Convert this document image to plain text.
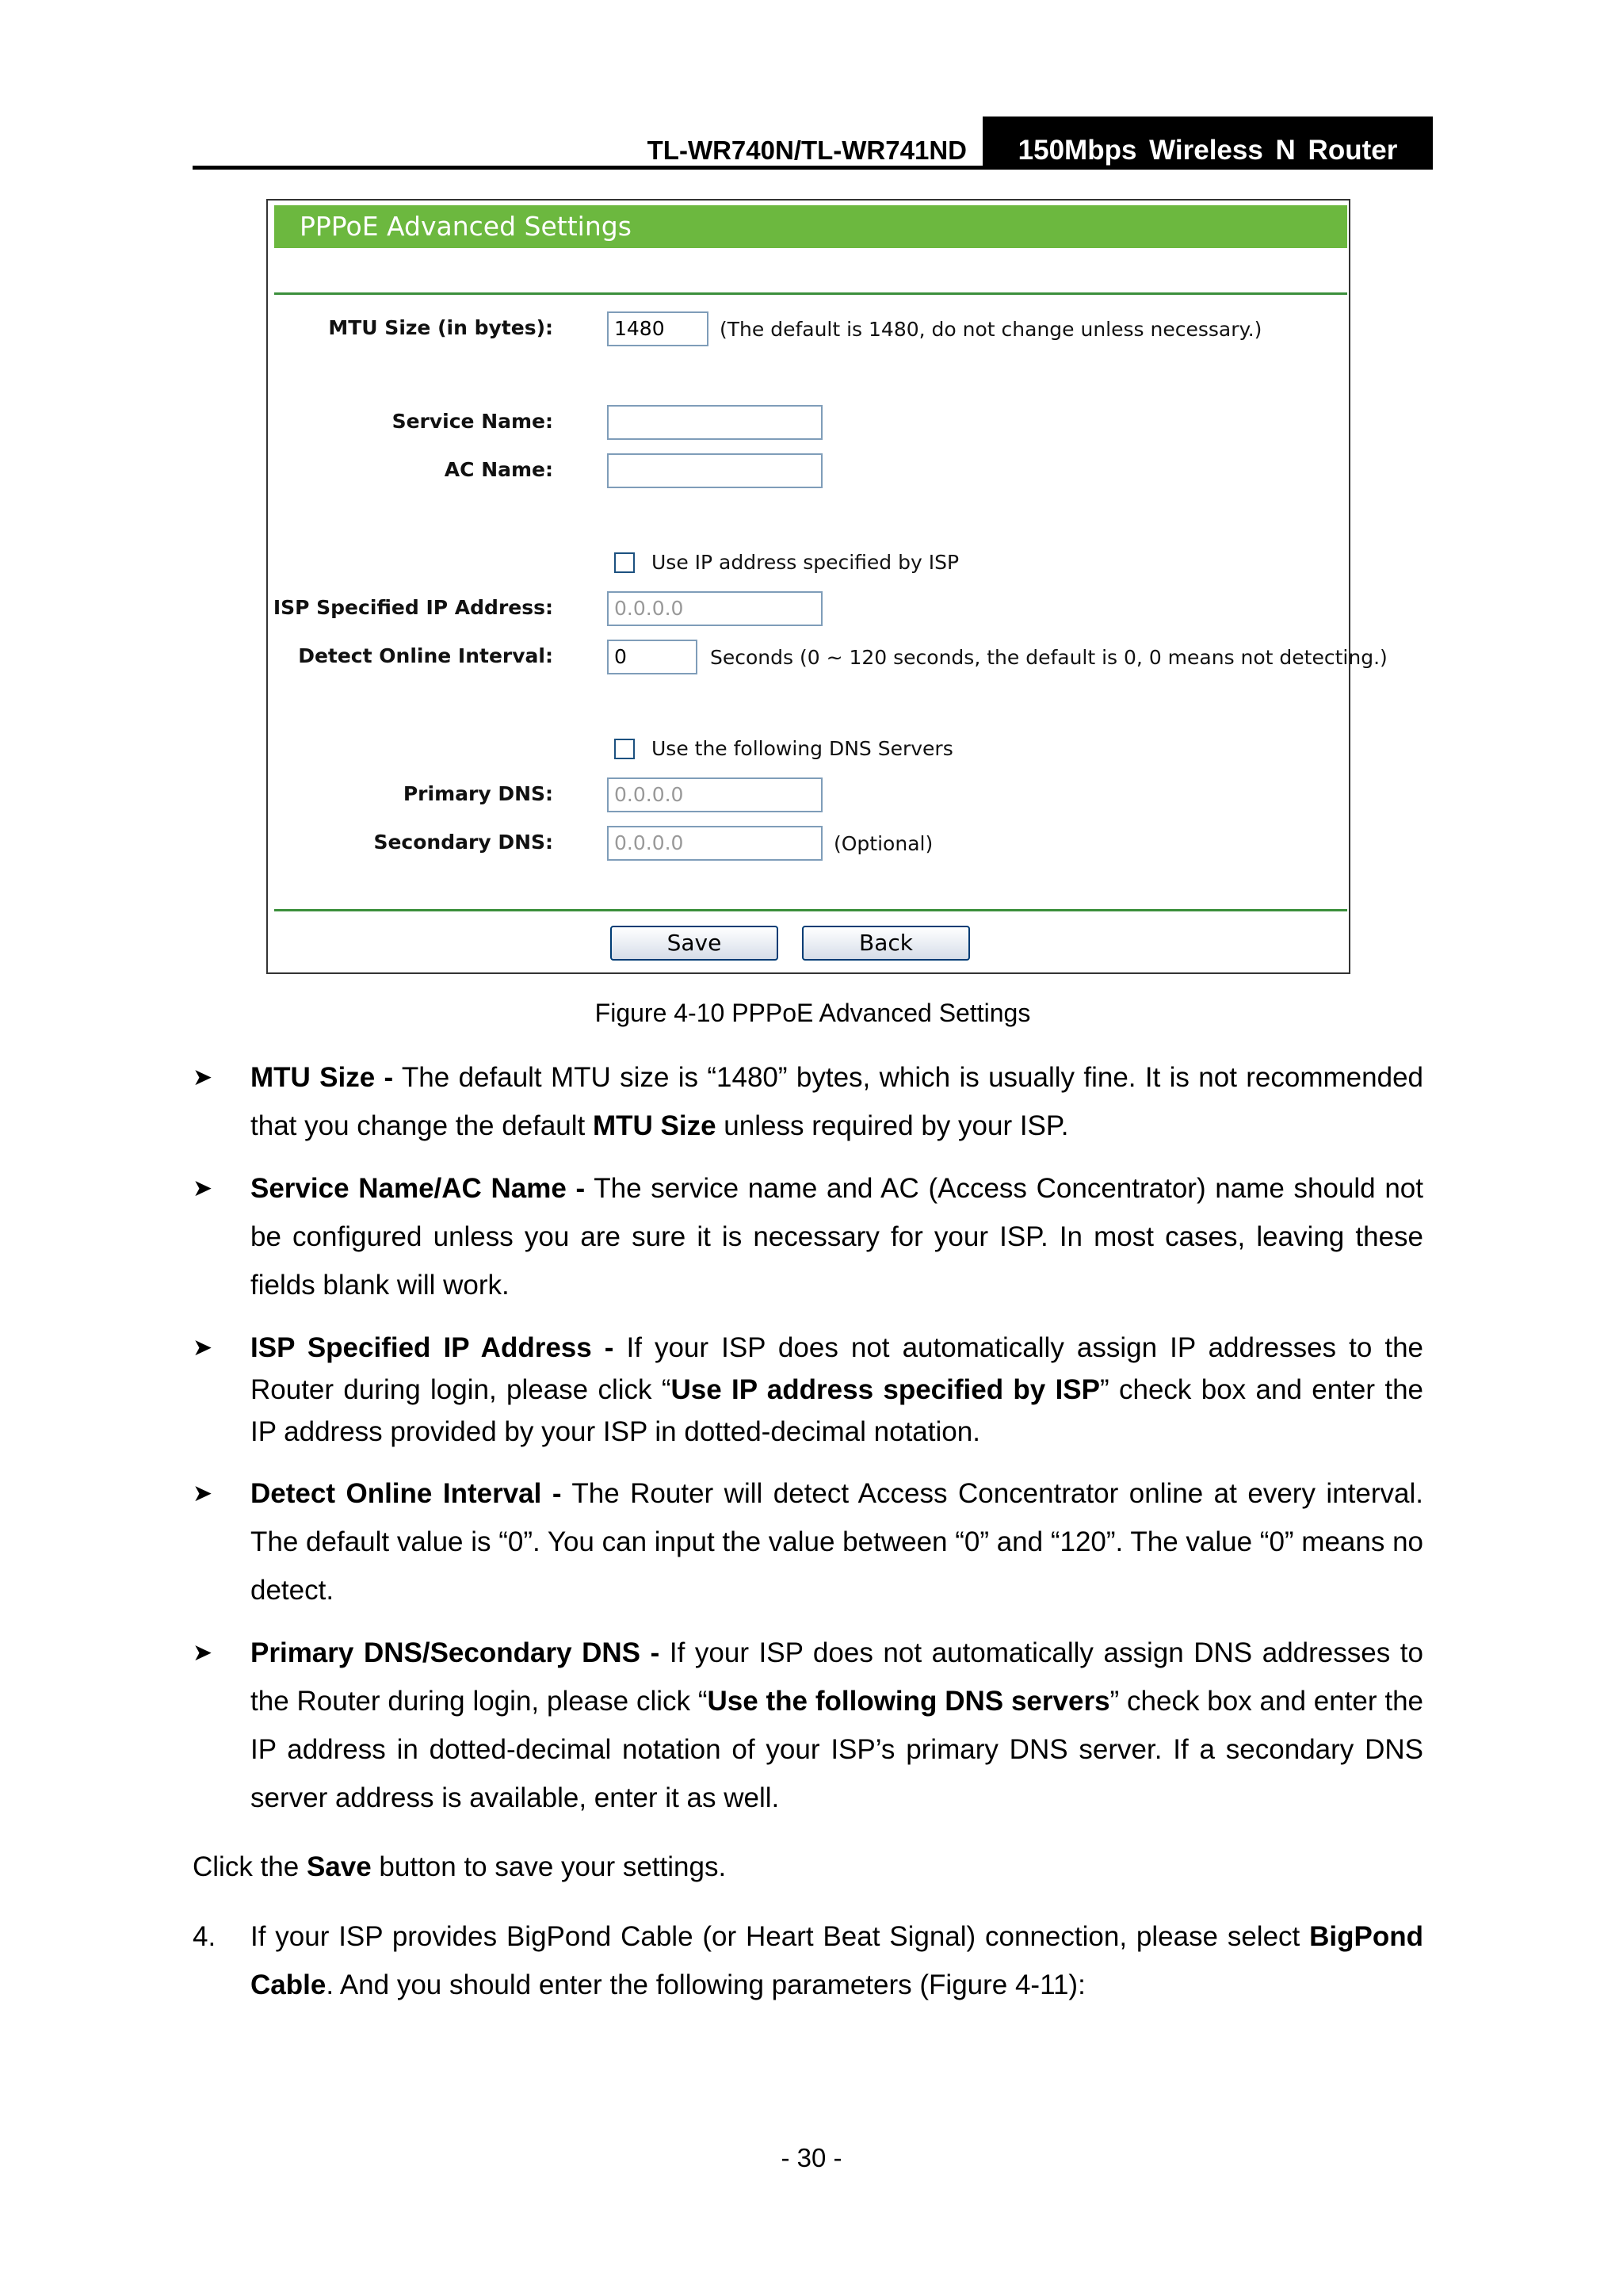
TL-WR740N/TL-WR741ND	150Mbps Wireless N Router
PPPoE Advanced Settings
MTU Size (in bytes):	1480	(The default is 1480, do not change unless necessary.)
Service Name:
AC Name:
Use IP address specified by ISP
ISP Specified IP Address:	0.0.0.0
Detect Online Interval:	0	Seconds (0 ~ 120 seconds, the default is 0, 0 means not detecting.)
Use the following DNS Servers
Primary DNS:	0.0.0.0
Secondary DNS:	0.0.0.0	(Optional)
Save	Back
Figure 4-10 PPPoE Advanced Settings
➤ MTU Size - The default MTU size is “1480” bytes, which is usually fine. It is not recommended that you change the default MTU Size unless required by your ISP.
➤ Service Name/AC Name - The service name and AC (Access Concentrator) name should not be configured unless you are sure it is necessary for your ISP. In most cases, leaving these fields blank will work.
➤ ISP Specified IP Address - If your ISP does not automatically assign IP addresses to the Router during login, please click “Use IP address specified by ISP” check box and enter the IP address provided by your ISP in dotted-decimal notation.
➤ Detect Online Interval - The Router will detect Access Concentrator online at every interval. The default value is “0”. You can input the value between “0” and “120”. The value “0” means no detect.
➤ Primary DNS/Secondary DNS - If your ISP does not automatically assign DNS addresses to the Router during login, please click “Use the following DNS servers” check box and enter the IP address in dotted-decimal notation of your ISP’s primary DNS server. If a secondary DNS server address is available, enter it as well.
Click the Save button to save your settings.
4. If your ISP provides BigPond Cable (or Heart Beat Signal) connection, please select BigPond Cable. And you should enter the following parameters (Figure 4-11):
- 30 -
